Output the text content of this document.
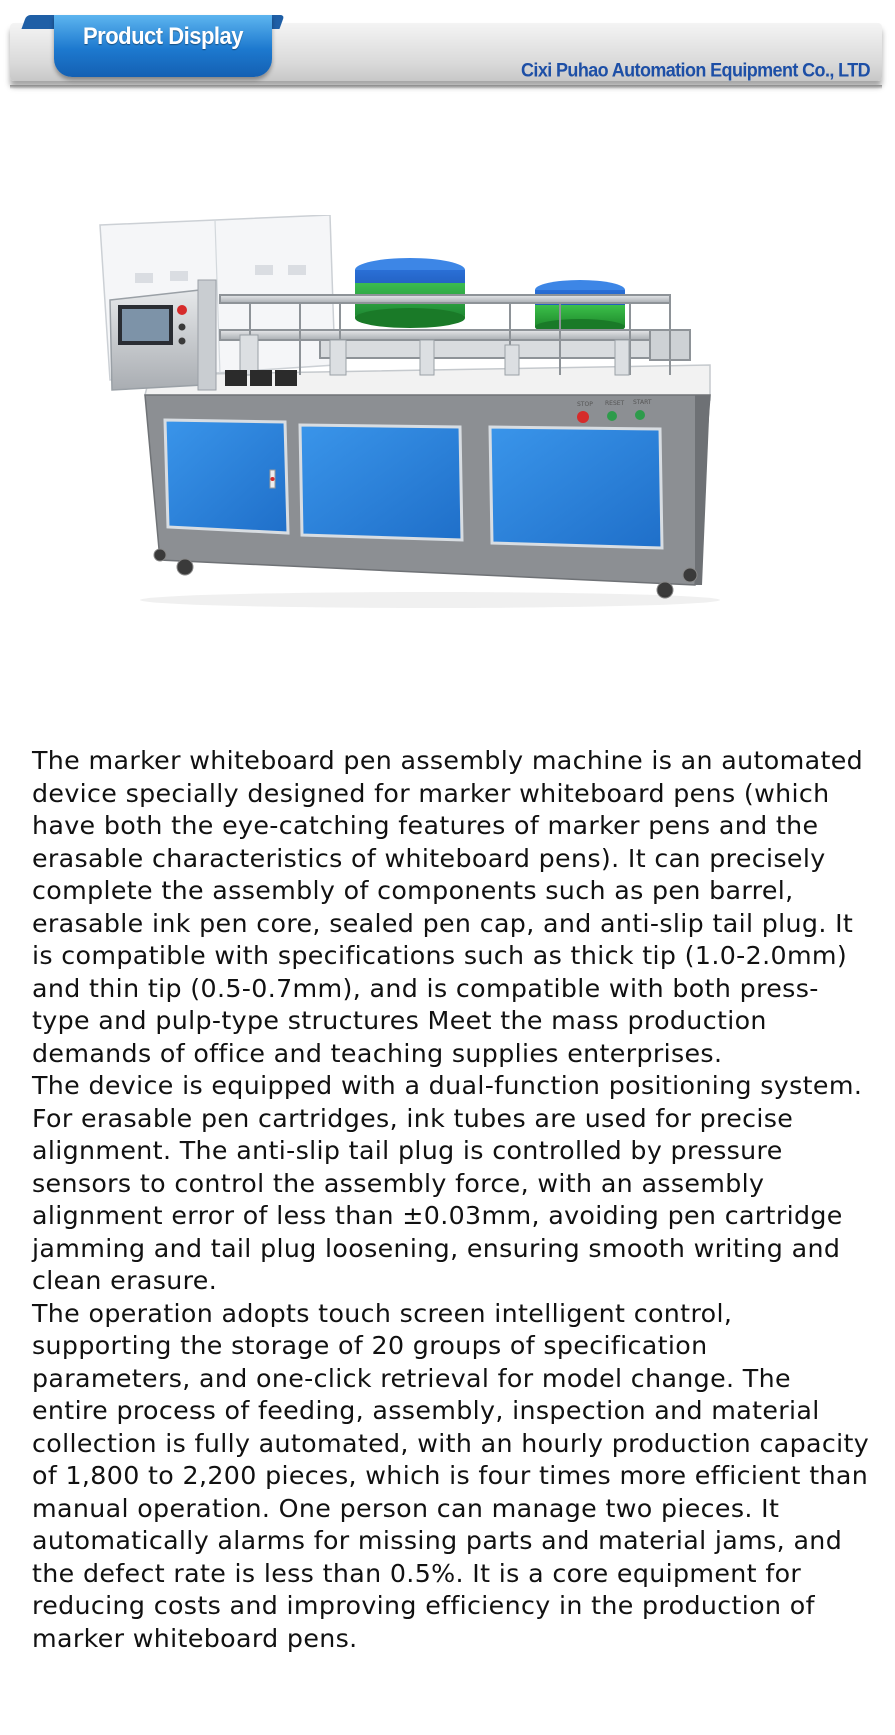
Cixi Puhao Automation Equipment Co., LTD
Product Display
STOP RESET START

The marker whiteboard pen assembly machine is an automated device specially designed for marker whiteboard pens (which have both the eye-catching features of marker pens and the erasable characteristics of whiteboard pens). It can precisely complete the assembly of components such as pen barrel, erasable ink pen core, sealed pen cap, and anti-slip tail plug. It is compatible with specifications such as thick tip (1.0-2.0mm) and thin tip (0.5-0.7mm), and is compatible with both press-type and pulp-type structures Meet the mass production demands of office and teaching supplies enterprises.

The device is equipped with a dual-function positioning system. For erasable pen cartridges, ink tubes are used for precise alignment. The anti-slip tail plug is controlled by pressure sensors to control the assembly force, with an assembly alignment error of less than ±0.03mm, avoiding pen cartridge jamming and tail plug loosening, ensuring smooth writing and clean erasure.

The operation adopts touch screen intelligent control, supporting the storage of 20 groups of specification parameters, and one-click retrieval for model change. The entire process of feeding, assembly, inspection and material collection is fully automated, with an hourly production capacity of 1,800 to 2,200 pieces, which is four times more efficient than manual operation. One person can manage two pieces. It automatically alarms for missing parts and material jams, and the defect rate is less than 0.5%. It is a core equipment for reducing costs and improving efficiency in the production of marker whiteboard pens.
